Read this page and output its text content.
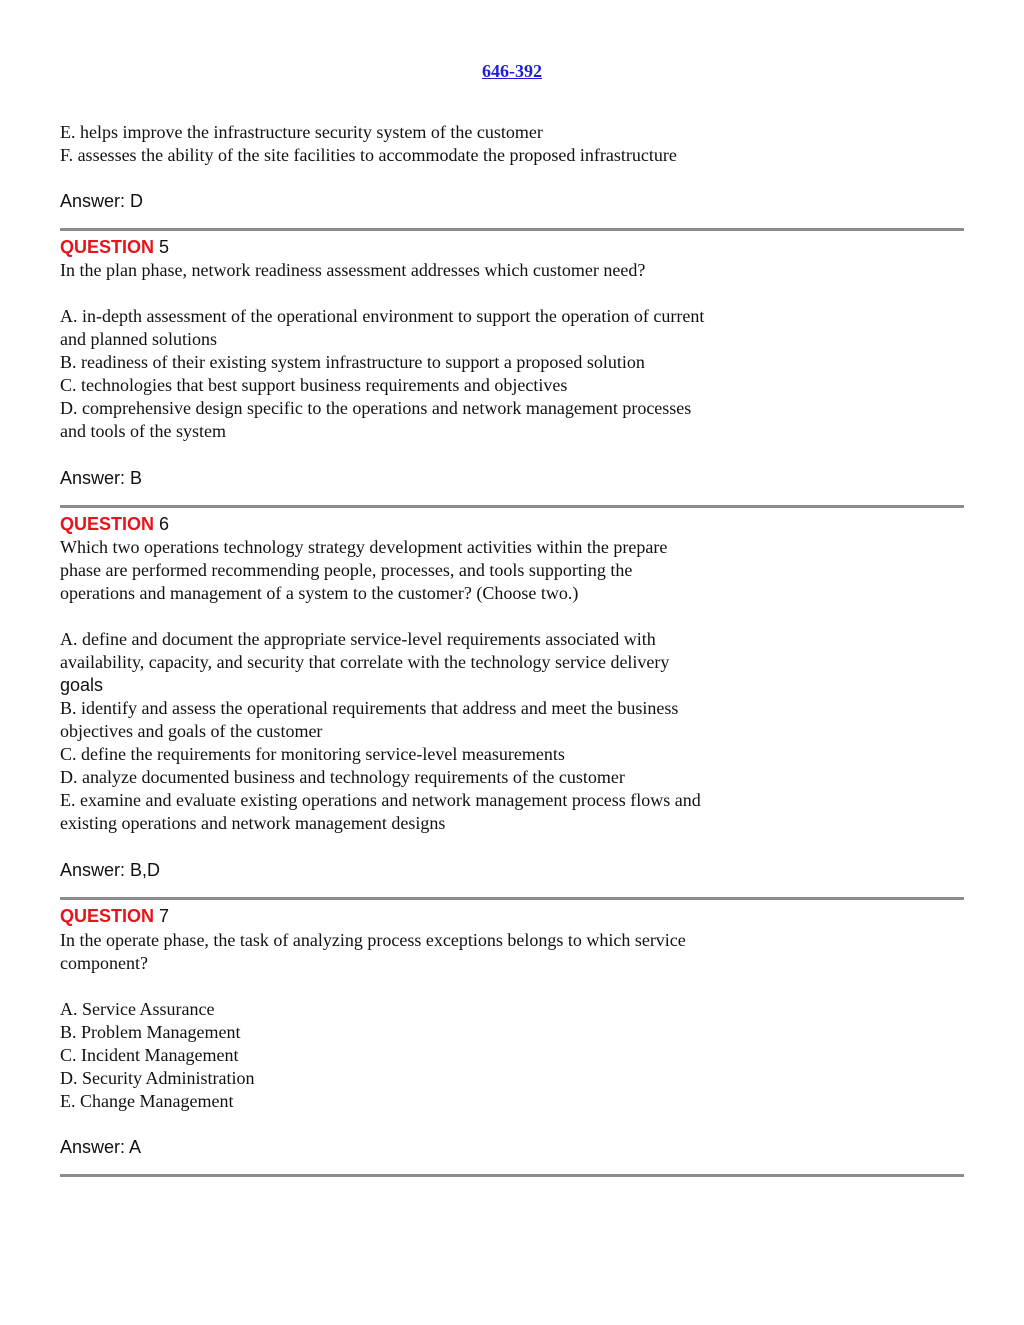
646-392
E. helps improve the infrastructure security system of the customer
F. assesses the ability of the site facilities to accommodate the proposed infrastructure
Answer: D
QUESTION 5
In the plan phase, network readiness assessment addresses which customer need?
A. in-depth assessment of the operational environment to support the operation of current
and planned solutions
B. readiness of their existing system infrastructure to support a proposed solution
C. technologies that best support business requirements and objectives
D. comprehensive design specific to the operations and network management processes
and tools of the system
Answer: B
QUESTION 6
Which two operations technology strategy development activities within the prepare
phase are performed recommending people, processes, and tools supporting the
operations and management of a system to the customer? (Choose two.)
A. define and document the appropriate service-level requirements associated with
availability, capacity, and security that correlate with the technology service delivery
goals
B. identify and assess the operational requirements that address and meet the business
objectives and goals of the customer
C. define the requirements for monitoring service-level measurements
D. analyze documented business and technology requirements of the customer
E. examine and evaluate existing operations and network management process flows and
existing operations and network management designs
Answer: B,D
QUESTION 7
In the operate phase, the task of analyzing process exceptions belongs to which service
component?
A. Service Assurance
B. Problem Management
C. Incident Management
D. Security Administration
E. Change Management
Answer: A
